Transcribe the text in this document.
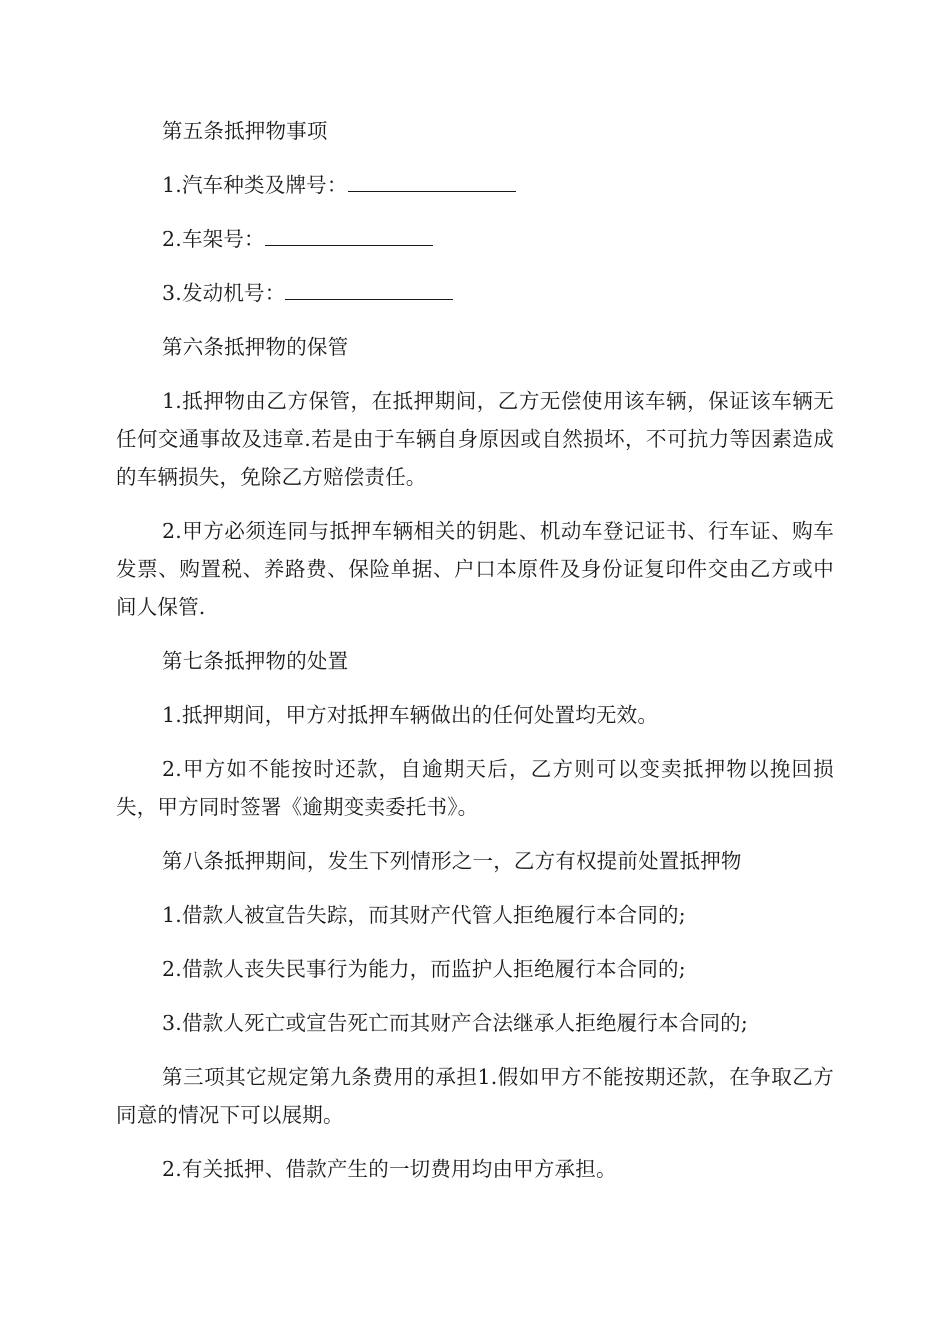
第五条抵押物事项

1.汽车种类及牌号：

2.车架号：

3.发动机号：

第六条抵押物的保管

1.抵押物由乙方保管，在抵押期间，乙方无偿使用该车辆，保证该车辆无任何交通事故及违章.若是由于车辆自身原因或自然损坏，不可抗力等因素造成的车辆损失，免除乙方赔偿责任。

2.甲方必须连同与抵押车辆相关的钥匙、机动车登记证书、行车证、购车发票、购置税、养路费、保险单据、户口本原件及身份证复印件交由乙方或中间人保管.

第七条抵押物的处置

1.抵押期间，甲方对抵押车辆做出的任何处置均无效。

2.甲方如不能按时还款，自逾期天后，乙方则可以变卖抵押物以挽回损失，甲方同时签署《逾期变卖委托书》。

第八条抵押期间，发生下列情形之一，乙方有权提前处置抵押物

1.借款人被宣告失踪，而其财产代管人拒绝履行本合同的;

2.借款人丧失民事行为能力，而监护人拒绝履行本合同的;

3.借款人死亡或宣告死亡而其财产合法继承人拒绝履行本合同的;

第三项其它规定第九条费用的承担1.假如甲方不能按期还款，在争取乙方同意的情况下可以展期。

2.有关抵押、借款产生的一切费用均由甲方承担。
